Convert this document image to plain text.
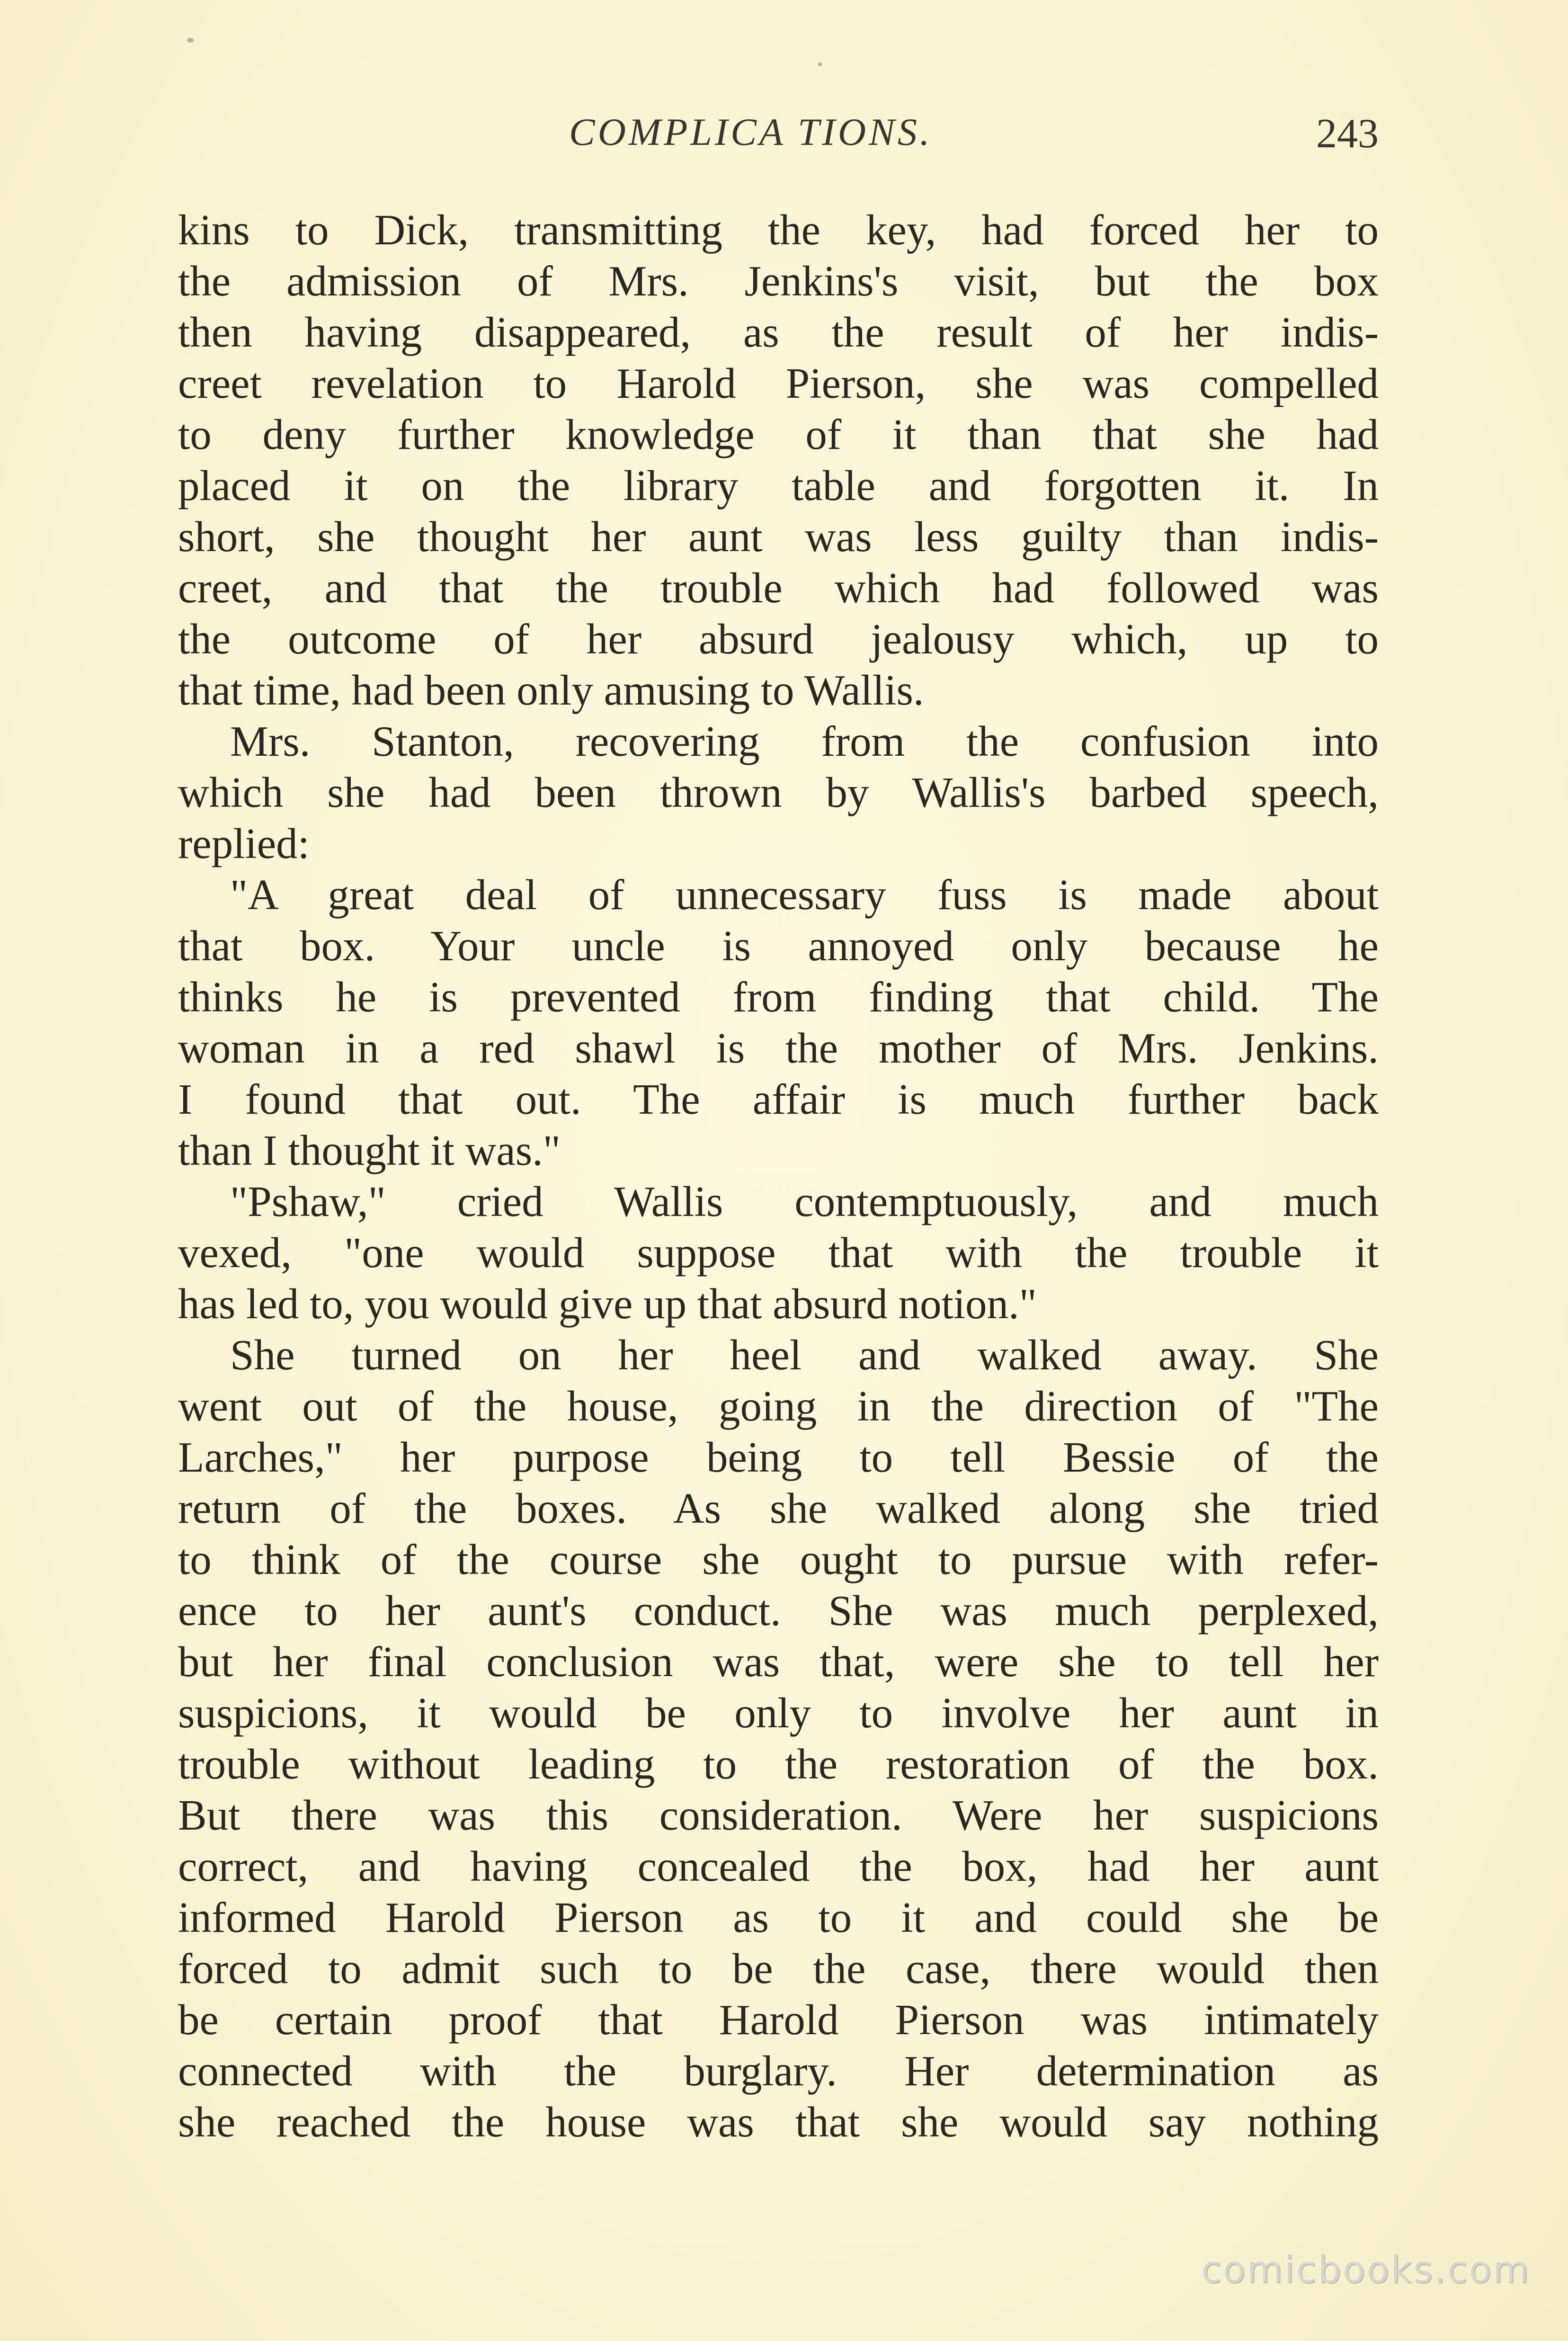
COMPLICA TIONS.	243
kins to Dick, transmitting the key, had forced her to
the admission of Mrs. Jenkins's visit, but the box
then having disappeared, as the result of her indis-
creet revelation to Harold Pierson, she was compelled
to deny further knowledge of it than that she had
placed it on the library table and forgotten it. In
short, she thought her aunt was less guilty than indis-
creet, and that the trouble which had followed was
the outcome of her absurd jealousy which, up to
that time, had been only amusing to Wallis.
Mrs. Stanton, recovering from the confusion into
which she had been thrown by Wallis's barbed speech,
replied:
"A great deal of unnecessary fuss is made about
that box. Your uncle is annoyed only because he
thinks he is prevented from finding that child. The
woman in a red shawl is the mother of Mrs. Jenkins.
I found that out. The affair is much further back
than I thought it was."
"Pshaw," cried Wallis contemptuously, and much
vexed, "one would suppose that with the trouble it
has led to, you would give up that absurd notion."
She turned on her heel and walked away. She
went out of the house, going in the direction of "The
Larches," her purpose being to tell Bessie of the
return of the boxes. As she walked along she tried
to think of the course she ought to pursue with refer-
ence to her aunt's conduct. She was much perplexed,
but her final conclusion was that, were she to tell her
suspicions, it would be only to involve her aunt in
trouble without leading to the restoration of the box.
But there was this consideration. Were her suspicions
correct, and having concealed the box, had her aunt
informed Harold Pierson as to it and could she be
forced to admit such to be the case, there would then
be certain proof that Harold Pierson was intimately
connected with the burglary. Her determination as
she reached the house was that she would say nothing
comicbooks.com
